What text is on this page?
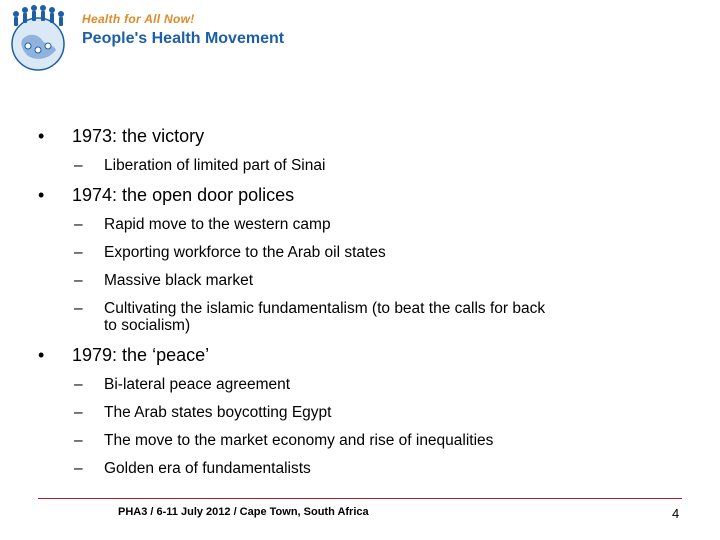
Health for All Now!
People's Health Movement
• 1973: the victory
– Liberation of limited part of Sinai
• 1974: the open door polices
– Rapid move to the western camp
– Exporting workforce to the Arab oil states
– Massive black market
– Cultivating the islamic fundamentalism (to beat the calls for back
to socialism)
• 1979: the ‘peace’
– Bi-lateral peace agreement
– The Arab states boycotting Egypt
– The move to the market economy and rise of inequalities
– Golden era of fundamentalists
PHA3 / 6-11 July 2012 / Cape Town, South Africa	4
